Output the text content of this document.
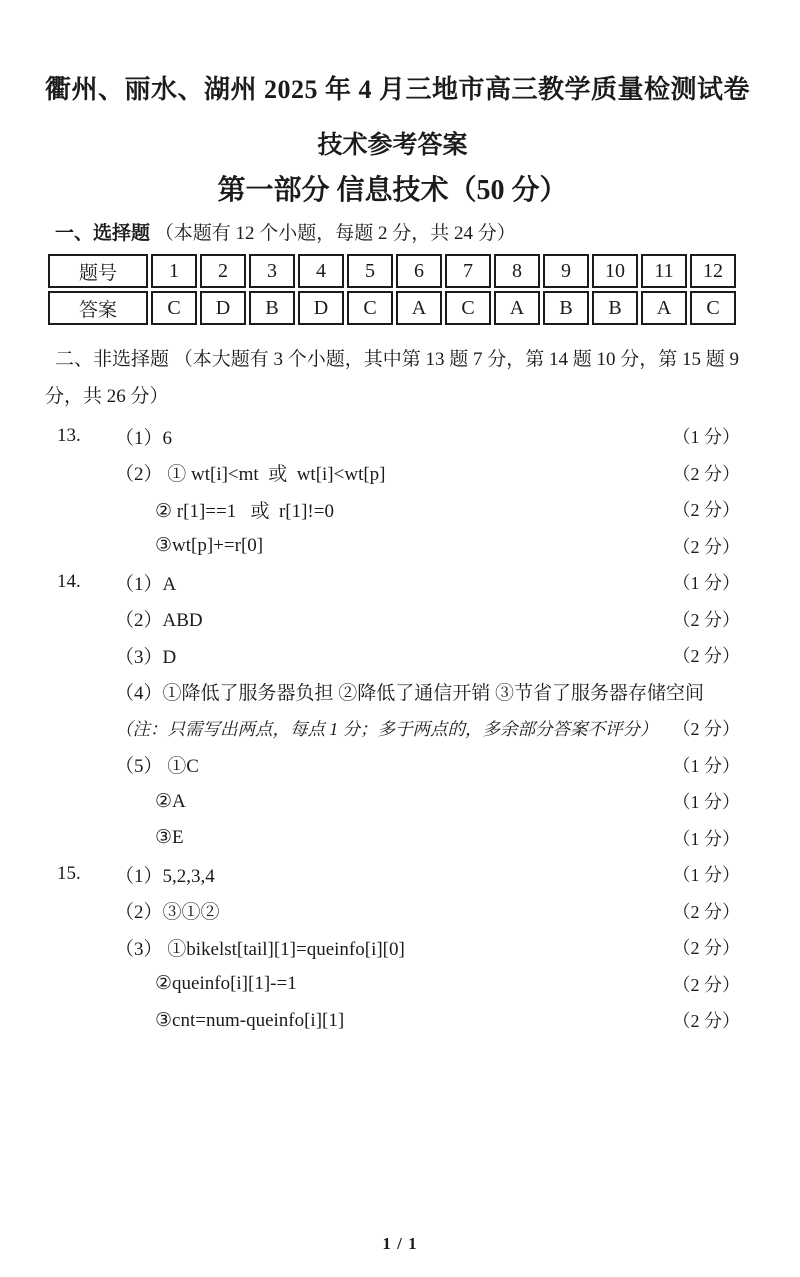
衢州、丽水、湖州 2025 年 4 月三地市高三教学质量检测试卷
技术参考答案
第一部分 信息技术（50 分）
一、选择题 （本题有 12 个小题，每题 2 分，共 24 分）
题号	1	2	3	4	5	6	7	8	9	10	11	12
答案	C	D	B	D	C	A	C	A	B	B	A	C
二、非选择题 （本大题有 3 个小题，其中第 13 题 7 分，第 14 题 10 分，第 15 题 9
分，共 26 分）
13.	（1）6	（1 分）
（2） ① wt[i]<mt  或  wt[i]<wt[p]	（2 分）
② r[1]==1   或  r[1]!=0	（2 分）
③wt[p]+=r[0]	（2 分）
14.	（1）A	（1 分）
（2）ABD	（2 分）
（3）D	（2 分）
（4）①降低了服务器负担 ②降低了通信开销 ③节省了服务器存储空间
（注：只需写出两点，每点 1 分；多于两点的，多余部分答案不评分） （2 分）
（5） ①C	（1 分）
②A	（1 分）
③E	（1 分）
15.	（1）5,2,3,4	（1 分）
（2）③①②	（2 分）
（3） ①bikelst[tail][1]=queinfo[i][0]	（2 分）
②queinfo[i][1]-=1	（2 分）
③cnt=num-queinfo[i][1]	（2 分）
1 / 1
